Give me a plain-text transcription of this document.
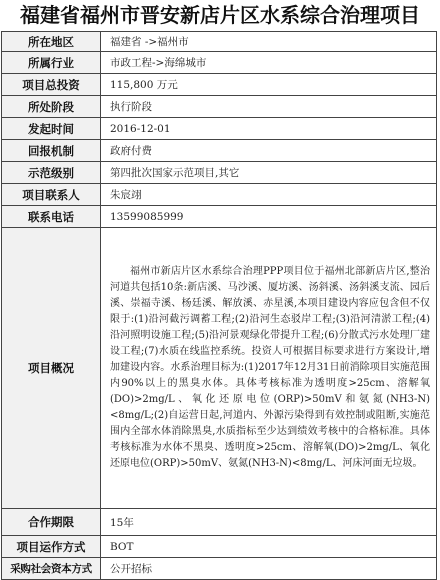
福建省福州市晋安新店片区水系综合治理项目
所在地区	福建省 ->福州市
所属行业	市政工程->海绵城市
项目总投资	115,800 万元
所处阶段	执行阶段
发起时间	2016-12-01
回报机制	政府付费
示范级别	第四批次国家示范项目,其它
项目联系人	朱宸翊
联系电话	13599085999
项目概况	福州市新店片区水系综合治理PPP项目位于福州北部新店片区,整治河道共包括10条:新店溪、马沙溪、厦坊溪、汤斜溪、汤斜溪支流、园后溪、崇福寺溪、杨廷溪、解放溪、赤星溪,本项目建设内容应包含但不仅限于:(1)沿河截污调蓄工程;(2)沿河生态驳岸工程;(3)沿河清淤工程;(4)沿河照明设施工程;(5)沿河景观绿化带提升工程;(6)分散式污水处理厂建设工程;(7)水质在线监控系统。投资人可根据目标要求进行方案设计,增加建设内容。水系治理目标为:(1)2017年12月31日前消除项目实施范围内90%以上的黑臭水体。具体考核标准为透明度>25cm、溶解氧(DO)>2mg/L、氧化还原电位(ORP)>50mV和氨氮(NH3-N)<8mg/L;(2)自运营日起,河道内、外源污染得到有效控制或阻断,实施范围内全部水体消除黑臭,水质指标至少达到绩效考核中的合格标准。具体考核标准为水体不黑臭、透明度>25cm、溶解氧(DO)>2mg/L、氧化还原电位(ORP)>50mV、氨氮(NH3-N)<8mg/L、河床河面无垃圾。
合作期限	15年
项目运作方式	BOT
采购社会资本方式	公开招标
